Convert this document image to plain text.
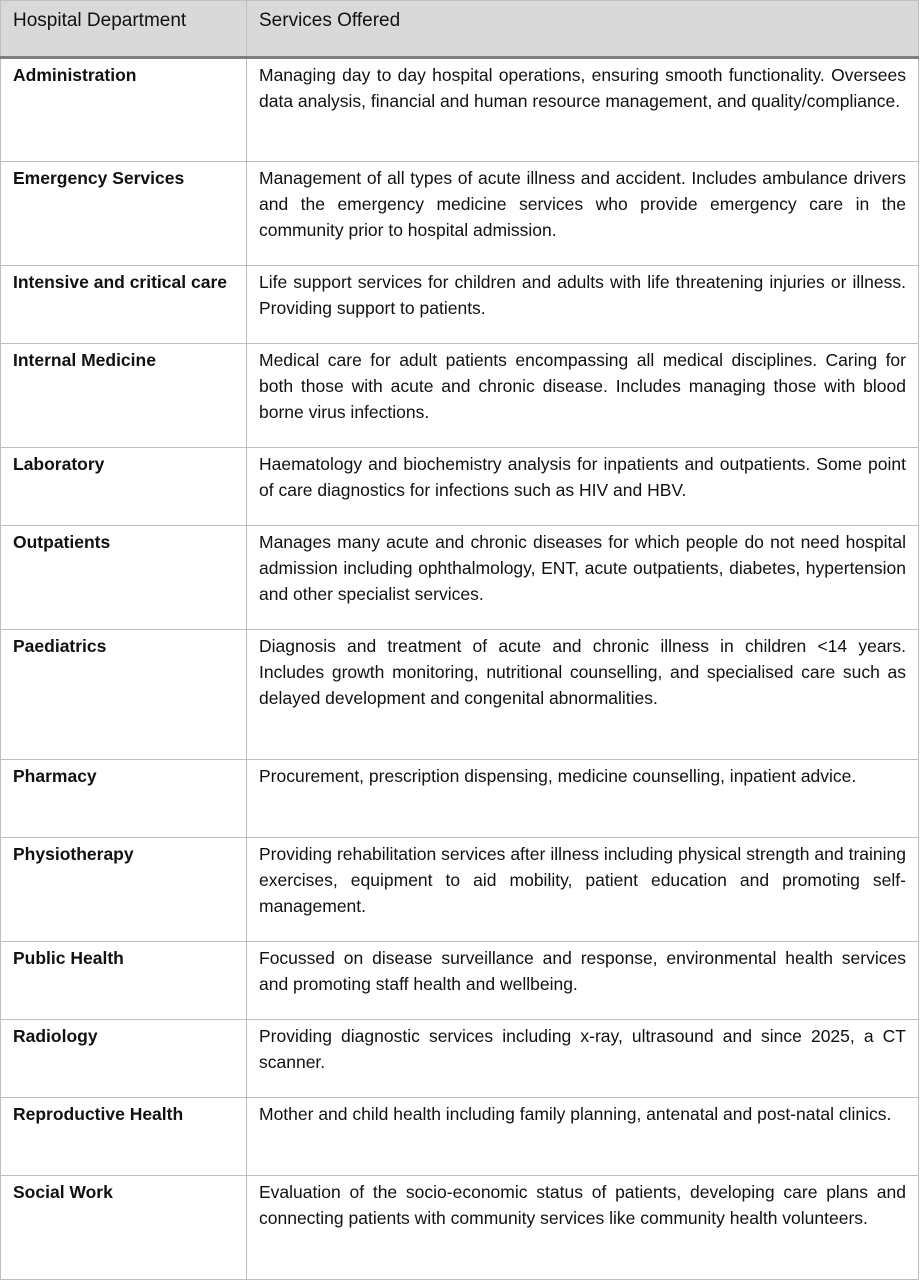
Hospital Department	Services Offered
Administration	Managing day to day hospital operations, ensuring smooth functionality. Oversees data analysis, financial and human resource management, and quality/compliance.
Emergency Services	Management of all types of acute illness and accident. Includes ambulance drivers and the emergency medicine services who provide emergency care in the community prior to hospital admission.
Intensive and critical care	Life support services for children and adults with life threatening injuries or illness. Providing support to patients.
Internal Medicine	Medical care for adult patients encompassing all medical disciplines. Caring for both those with acute and chronic disease. Includes managing those with blood borne virus infections.
Laboratory	Haematology and biochemistry analysis for inpatients and outpatients. Some point of care diagnostics for infections such as HIV and HBV.
Outpatients	Manages many acute and chronic diseases for which people do not need hospital admission including ophthalmology, ENT, acute outpatients, diabetes, hypertension and other specialist services.
Paediatrics	Diagnosis and treatment of acute and chronic illness in children <14 years. Includes growth monitoring, nutritional counselling, and specialised care such as delayed development and congenital abnormalities.
Pharmacy	Procurement, prescription dispensing, medicine counselling, inpatient advice.
Physiotherapy	Providing rehabilitation services after illness including physical strength and training exercises, equipment to aid mobility, patient education and promoting self-management.
Public Health	Focussed on disease surveillance and response, environmental health services and promoting staff health and wellbeing.
Radiology	Providing diagnostic services including x-ray, ultrasound and since 2025, a CT scanner.
Reproductive Health	Mother and child health including family planning, antenatal and post-natal clinics.
Social Work	Evaluation of the socio-economic status of patients, developing care plans and connecting patients with community services like community health volunteers.
